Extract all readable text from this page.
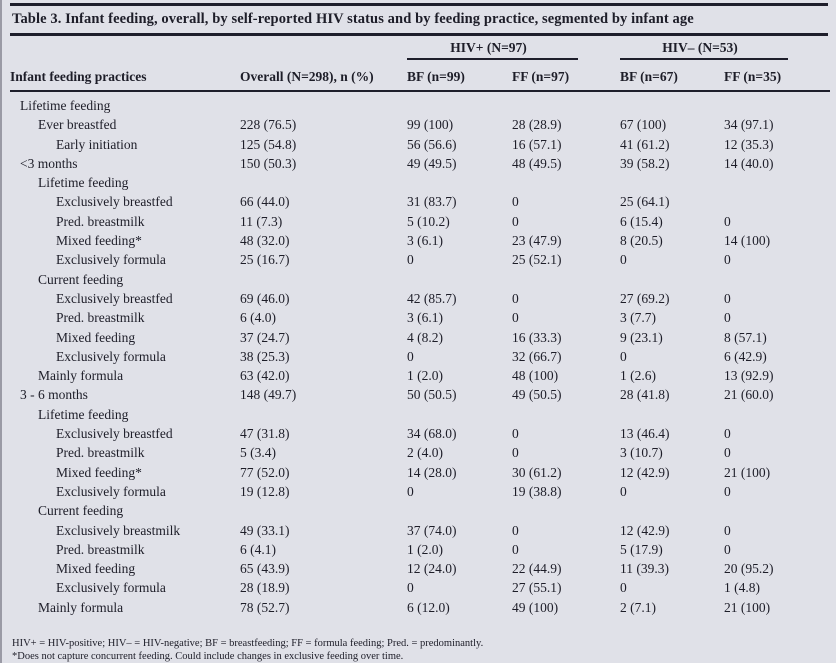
Table 3. Infant feeding, overall, by self-reported HIV status and by feeding practice, segmented by infant age

		HIV+ (N=97)		HIV– (N=53)	

Infant feeding practices	Overall (N=298), n (%)	BF (n=99)	FF (n=97)	BF (n=67)	FF (n=35)
Lifetime feeding					
Ever breastfed	228 (76.5)	99 (100)	28 (28.9)	67 (100)	34 (97.1)
Early initiation	125 (54.8)	56 (56.6)	16 (57.1)	41 (61.2)	12 (35.3)
<3 months	150 (50.3)	49 (49.5)	48 (49.5)	39 (58.2)	14 (40.0)
Lifetime feeding					
Exclusively breastfed	66 (44.0)	31 (83.7)	0	25 (64.1)	
Pred. breastmilk	11 (7.3)	5 (10.2)	0	6 (15.4)	0
Mixed feeding*	48 (32.0)	3 (6.1)	23 (47.9)	8 (20.5)	14 (100)
Exclusively formula	25 (16.7)	0	25 (52.1)	0	0
Current feeding					
Exclusively breastfed	69 (46.0)	42 (85.7)	0	27 (69.2)	0
Pred. breastmilk	6 (4.0)	3 (6.1)	0	3 (7.7)	0
Mixed feeding	37 (24.7)	4 (8.2)	16 (33.3)	9 (23.1)	8 (57.1)
Exclusively formula	38 (25.3)	0	32 (66.7)	0	6 (42.9)
Mainly formula	63 (42.0)	1 (2.0)	48 (100)	1 (2.6)	13 (92.9)
3 - 6 months	148 (49.7)	50 (50.5)	49 (50.5)	28 (41.8)	21 (60.0)
Lifetime feeding					
Exclusively breastfed	47 (31.8)	34 (68.0)	0	13 (46.4)	0
Pred. breastmilk	5 (3.4)	2 (4.0)	0	3 (10.7)	0
Mixed feeding*	77 (52.0)	14 (28.0)	30 (61.2)	12 (42.9)	21 (100)
Exclusively formula	19 (12.8)	0	19 (38.8)	0	0
Current feeding					
Exclusively breastmilk	49 (33.1)	37 (74.0)	0	12 (42.9)	0
Pred. breastmilk	6 (4.1)	1 (2.0)	0	5 (17.9)	0
Mixed feeding	65 (43.9)	12 (24.0)	22 (44.9)	11 (39.3)	20 (95.2)
Exclusively formula	28 (18.9)	0	27 (55.1)	0	1 (4.8)
Mainly formula	78 (52.7)	6 (12.0)	49 (100)	2 (7.1)	21 (100)
HIV+ = HIV-positive; HIV– = HIV-negative; BF = breastfeeding; FF = formula feeding; Pred. = predominantly.
*Does not capture concurrent feeding. Could include changes in exclusive feeding over time.
